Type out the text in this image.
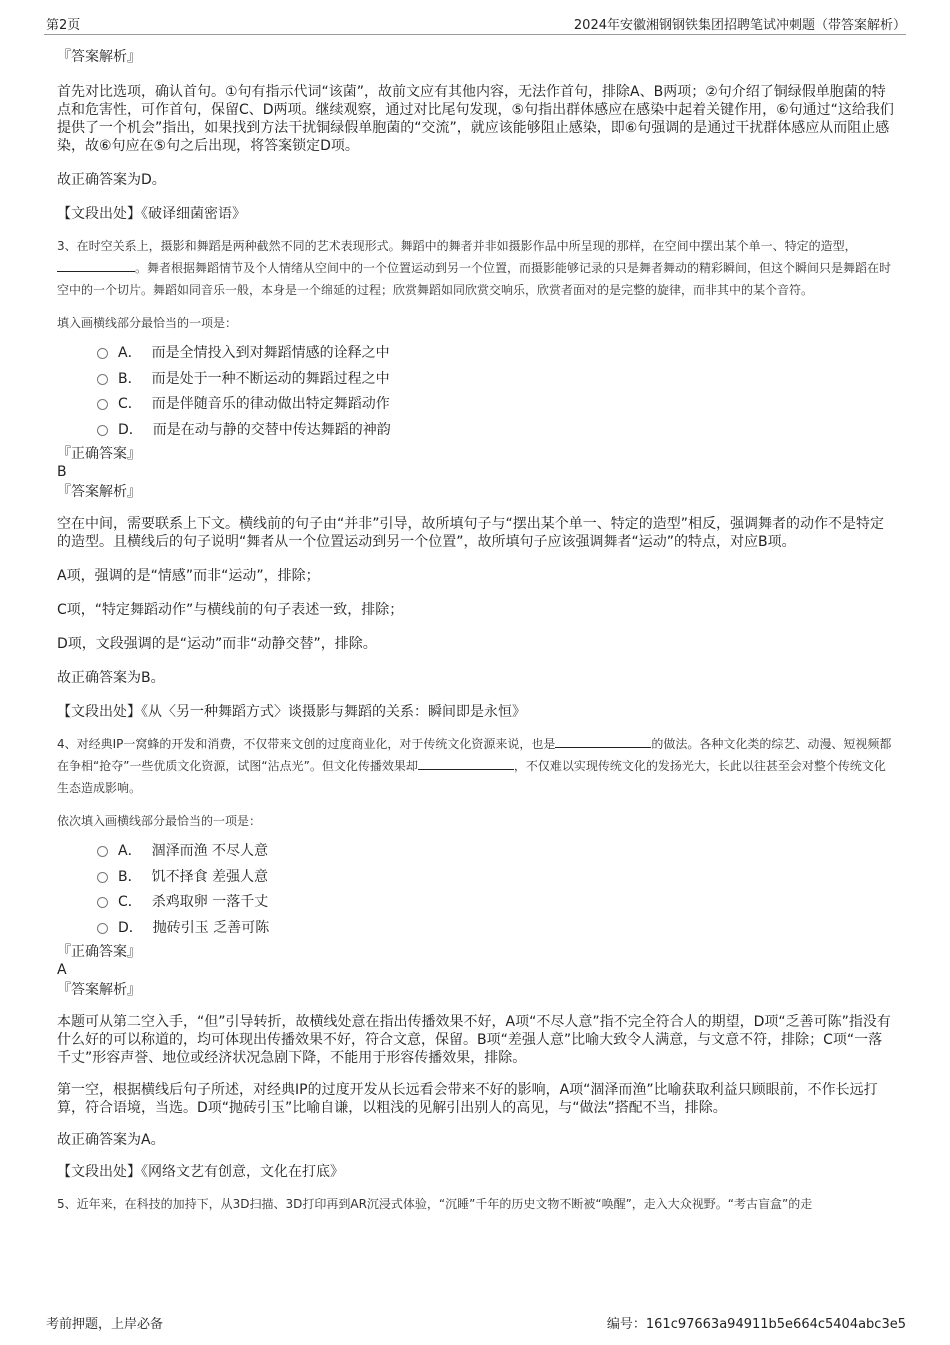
第2页	2024年安徽湘钢钢铁集团招聘笔试冲刺题（带答案解析）
『答案解析』
首先对比选项，确认首句。①句有指示代词“该菌”，故前文应有其他内容，无法作首句，排除A、B两项；②句介绍了铜绿假单胞菌的特点和危害性，可作首句，保留C、D两项。继续观察，通过对比尾句发现，⑤句指出群体感应在感染中起着关键作用，⑥句通过“这给我们提供了一个机会”指出，如果找到方法干扰铜绿假单胞菌的“交流”，就应该能够阻止感染，即⑥句强调的是通过干扰群体感应从而阻止感染，故⑥句应在⑤句之后出现，将答案锁定D项。
故正确答案为D。
【文段出处】《破译细菌密语》
3、在时空关系上，摄影和舞蹈是两种截然不同的艺术表现形式。舞蹈中的舞者并非如摄影作品中所呈现的那样，在空间中摆出某个单一、特定的造型，。舞者根据舞蹈情节及个人情绪从空间中的一个位置运动到另一个位置，而摄影能够记录的只是舞者舞动的精彩瞬间，但这个瞬间只是舞蹈在时空中的一个切片。舞蹈如同音乐一般，本身是一个绵延的过程；欣赏舞蹈如同欣赏交响乐，欣赏者面对的是完整的旋律，而非其中的某个音符。
填入画横线部分最恰当的一项是：
A． 而是全情投入到对舞蹈情感的诠释之中
B． 而是处于一种不断运动的舞蹈过程之中
C． 而是伴随音乐的律动做出特定舞蹈动作
D． 而是在动与静的交替中传达舞蹈的神韵
『正确答案』
B
『答案解析』
空在中间，需要联系上下文。横线前的句子由“并非”引导，故所填句子与“摆出某个单一、特定的造型”相反，强调舞者的动作不是特定的造型。且横线后的句子说明“舞者从一个位置运动到另一个位置”，故所填句子应该强调舞者“运动”的特点，对应B项。
A项，强调的是“情感”而非“运动”，排除；
C项，“特定舞蹈动作”与横线前的句子表述一致，排除；
D项，文段强调的是“运动”而非“动静交替”，排除。
故正确答案为B。
【文段出处】《从〈另一种舞蹈方式〉谈摄影与舞蹈的关系：瞬间即是永恒》
4、对经典IP一窝蜂的开发和消费，不仅带来文创的过度商业化，对于传统文化资源来说，也是	的做法。各种文化类的综艺、动漫、短视频都在争相“抢夺”一些优质文化资源，试图“沾点光”。但文化传播效果却	，不仅难以实现传统文化的发扬光大，长此以往甚至会对整个传统文化生态造成影响。
依次填入画横线部分最恰当的一项是：
A． 涸泽而渔 不尽人意
B． 饥不择食 差强人意
C． 杀鸡取卵 一落千丈
D． 抛砖引玉 乏善可陈
『正确答案』
A
『答案解析』
本题可从第二空入手，“但”引导转折，故横线处意在指出传播效果不好，A项“不尽人意”指不完全符合人的期望，D项“乏善可陈”指没有什么好的可以称道的，均可体现出传播效果不好，符合文意，保留。B项“差强人意”比喻大致令人满意，与文意不符，排除；C项“一落千丈”形容声誉、地位或经济状况急剧下降，不能用于形容传播效果，排除。
第一空，根据横线后句子所述，对经典IP的过度开发从长远看会带来不好的影响，A项“涸泽而渔”比喻获取利益只顾眼前，不作长远打算，符合语境，当选。D项“抛砖引玉”比喻自谦，以粗浅的见解引出别人的高见，与“做法”搭配不当，排除。
故正确答案为A。
【文段出处】《网络文艺有创意，文化在打底》
5、近年来，在科技的加持下，从3D扫描、3D打印再到AR沉浸式体验，“沉睡”千年的历史文物不断被“唤醒”，走入大众视野。“考古盲盒”的走
考前押题，上岸必备	编号：161c97663a94911b5e664c5404abc3e5
